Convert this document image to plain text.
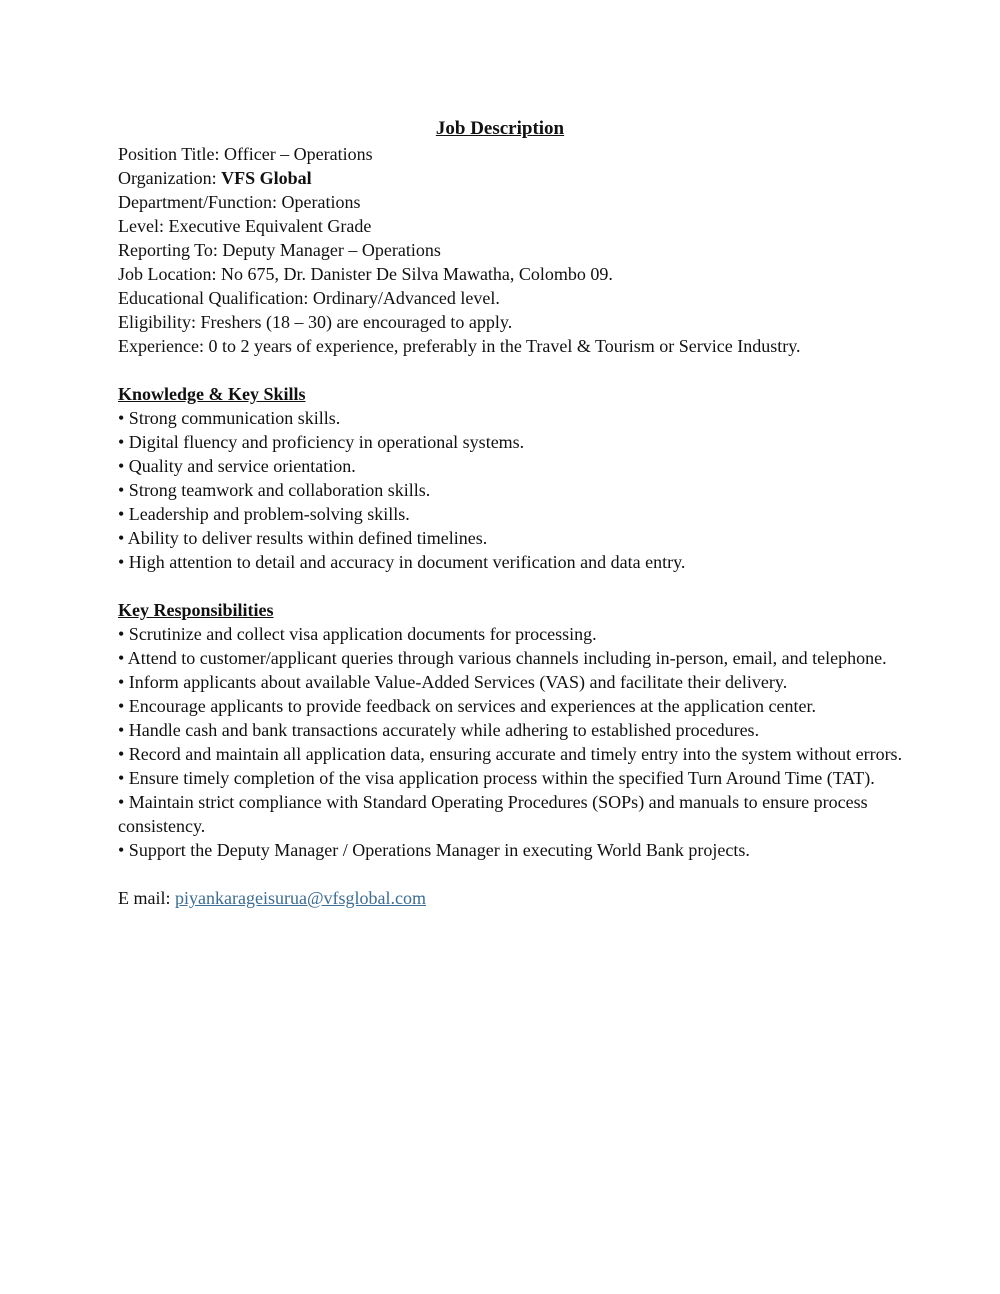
Job Description
Position Title: Officer – Operations
Organization: VFS Global
Department/Function: Operations
Level: Executive Equivalent Grade
Reporting To: Deputy Manager – Operations
Job Location: No 675, Dr. Danister De Silva Mawatha, Colombo 09.
Educational Qualification: Ordinary/Advanced level.
Eligibility: Freshers (18 – 30) are encouraged to apply.
Experience: 0 to 2 years of experience, preferably in the Travel & Tourism or Service Industry.
Knowledge & Key Skills
• Strong communication skills.
• Digital fluency and proficiency in operational systems.
• Quality and service orientation.
• Strong teamwork and collaboration skills.
• Leadership and problem-solving skills.
• Ability to deliver results within defined timelines.
• High attention to detail and accuracy in document verification and data entry.
Key Responsibilities
• Scrutinize and collect visa application documents for processing.
• Attend to customer/applicant queries through various channels including in-person, email, and telephone.
• Inform applicants about available Value-Added Services (VAS) and facilitate their delivery.
• Encourage applicants to provide feedback on services and experiences at the application center.
• Handle cash and bank transactions accurately while adhering to established procedures.
• Record and maintain all application data, ensuring accurate and timely entry into the system without errors.
• Ensure timely completion of the visa application process within the specified Turn Around Time (TAT).
• Maintain strict compliance with Standard Operating Procedures (SOPs) and manuals to ensure process consistency.
• Support the Deputy Manager / Operations Manager in executing World Bank projects.
E mail: piyankarageisurua@vfsglobal.com
